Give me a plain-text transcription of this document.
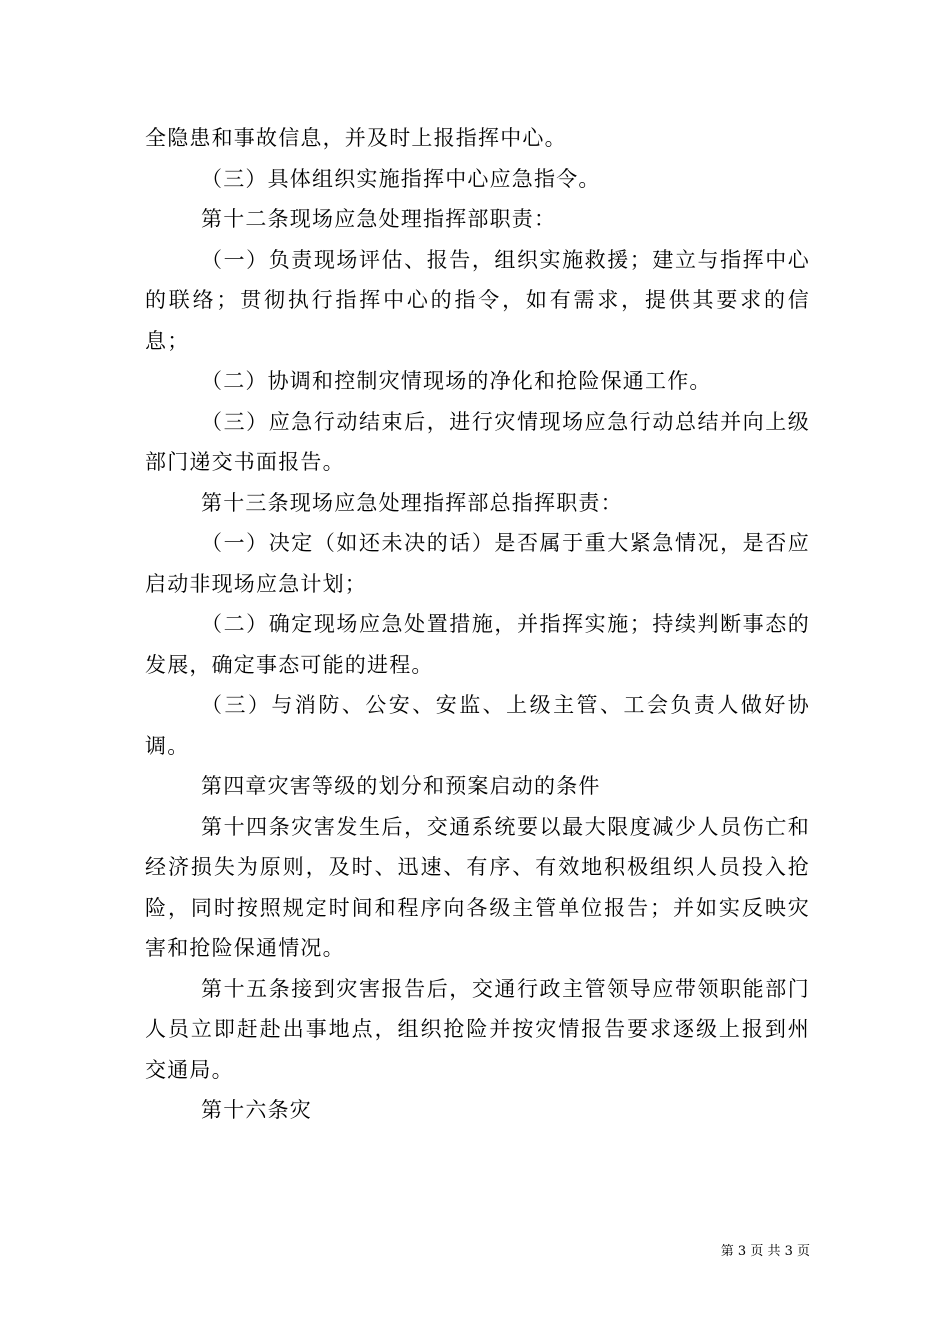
全隐患和事故信息，并及时上报指挥中心。

（三）具体组织实施指挥中心应急指令。

第十二条现场应急处理指挥部职责：

（一）负责现场评估、报告，组织实施救援；建立与指挥中心的联络；贯彻执行指挥中心的指令，如有需求，提供其要求的信息；

（二）协调和控制灾情现场的净化和抢险保通工作。

（三）应急行动结束后，进行灾情现场应急行动总结并向上级部门递交书面报告。

第十三条现场应急处理指挥部总指挥职责：

（一）决定（如还未决的话）是否属于重大紧急情况，是否应启动非现场应急计划；

（二）确定现场应急处置措施，并指挥实施；持续判断事态的发展，确定事态可能的进程。

（三）与消防、公安、安监、上级主管、工会负责人做好协调。

第四章灾害等级的划分和预案启动的条件

第十四条灾害发生后，交通系统要以最大限度减少人员伤亡和经济损失为原则，及时、迅速、有序、有效地积极组织人员投入抢险，同时按照规定时间和程序向各级主管单位报告；并如实反映灾害和抢险保通情况。

第十五条接到灾害报告后，交通行政主管领导应带领职能部门人员立即赶赴出事地点，组织抢险并按灾情报告要求逐级上报到州交通局。

第十六条灾

第 3 页 共 3 页
